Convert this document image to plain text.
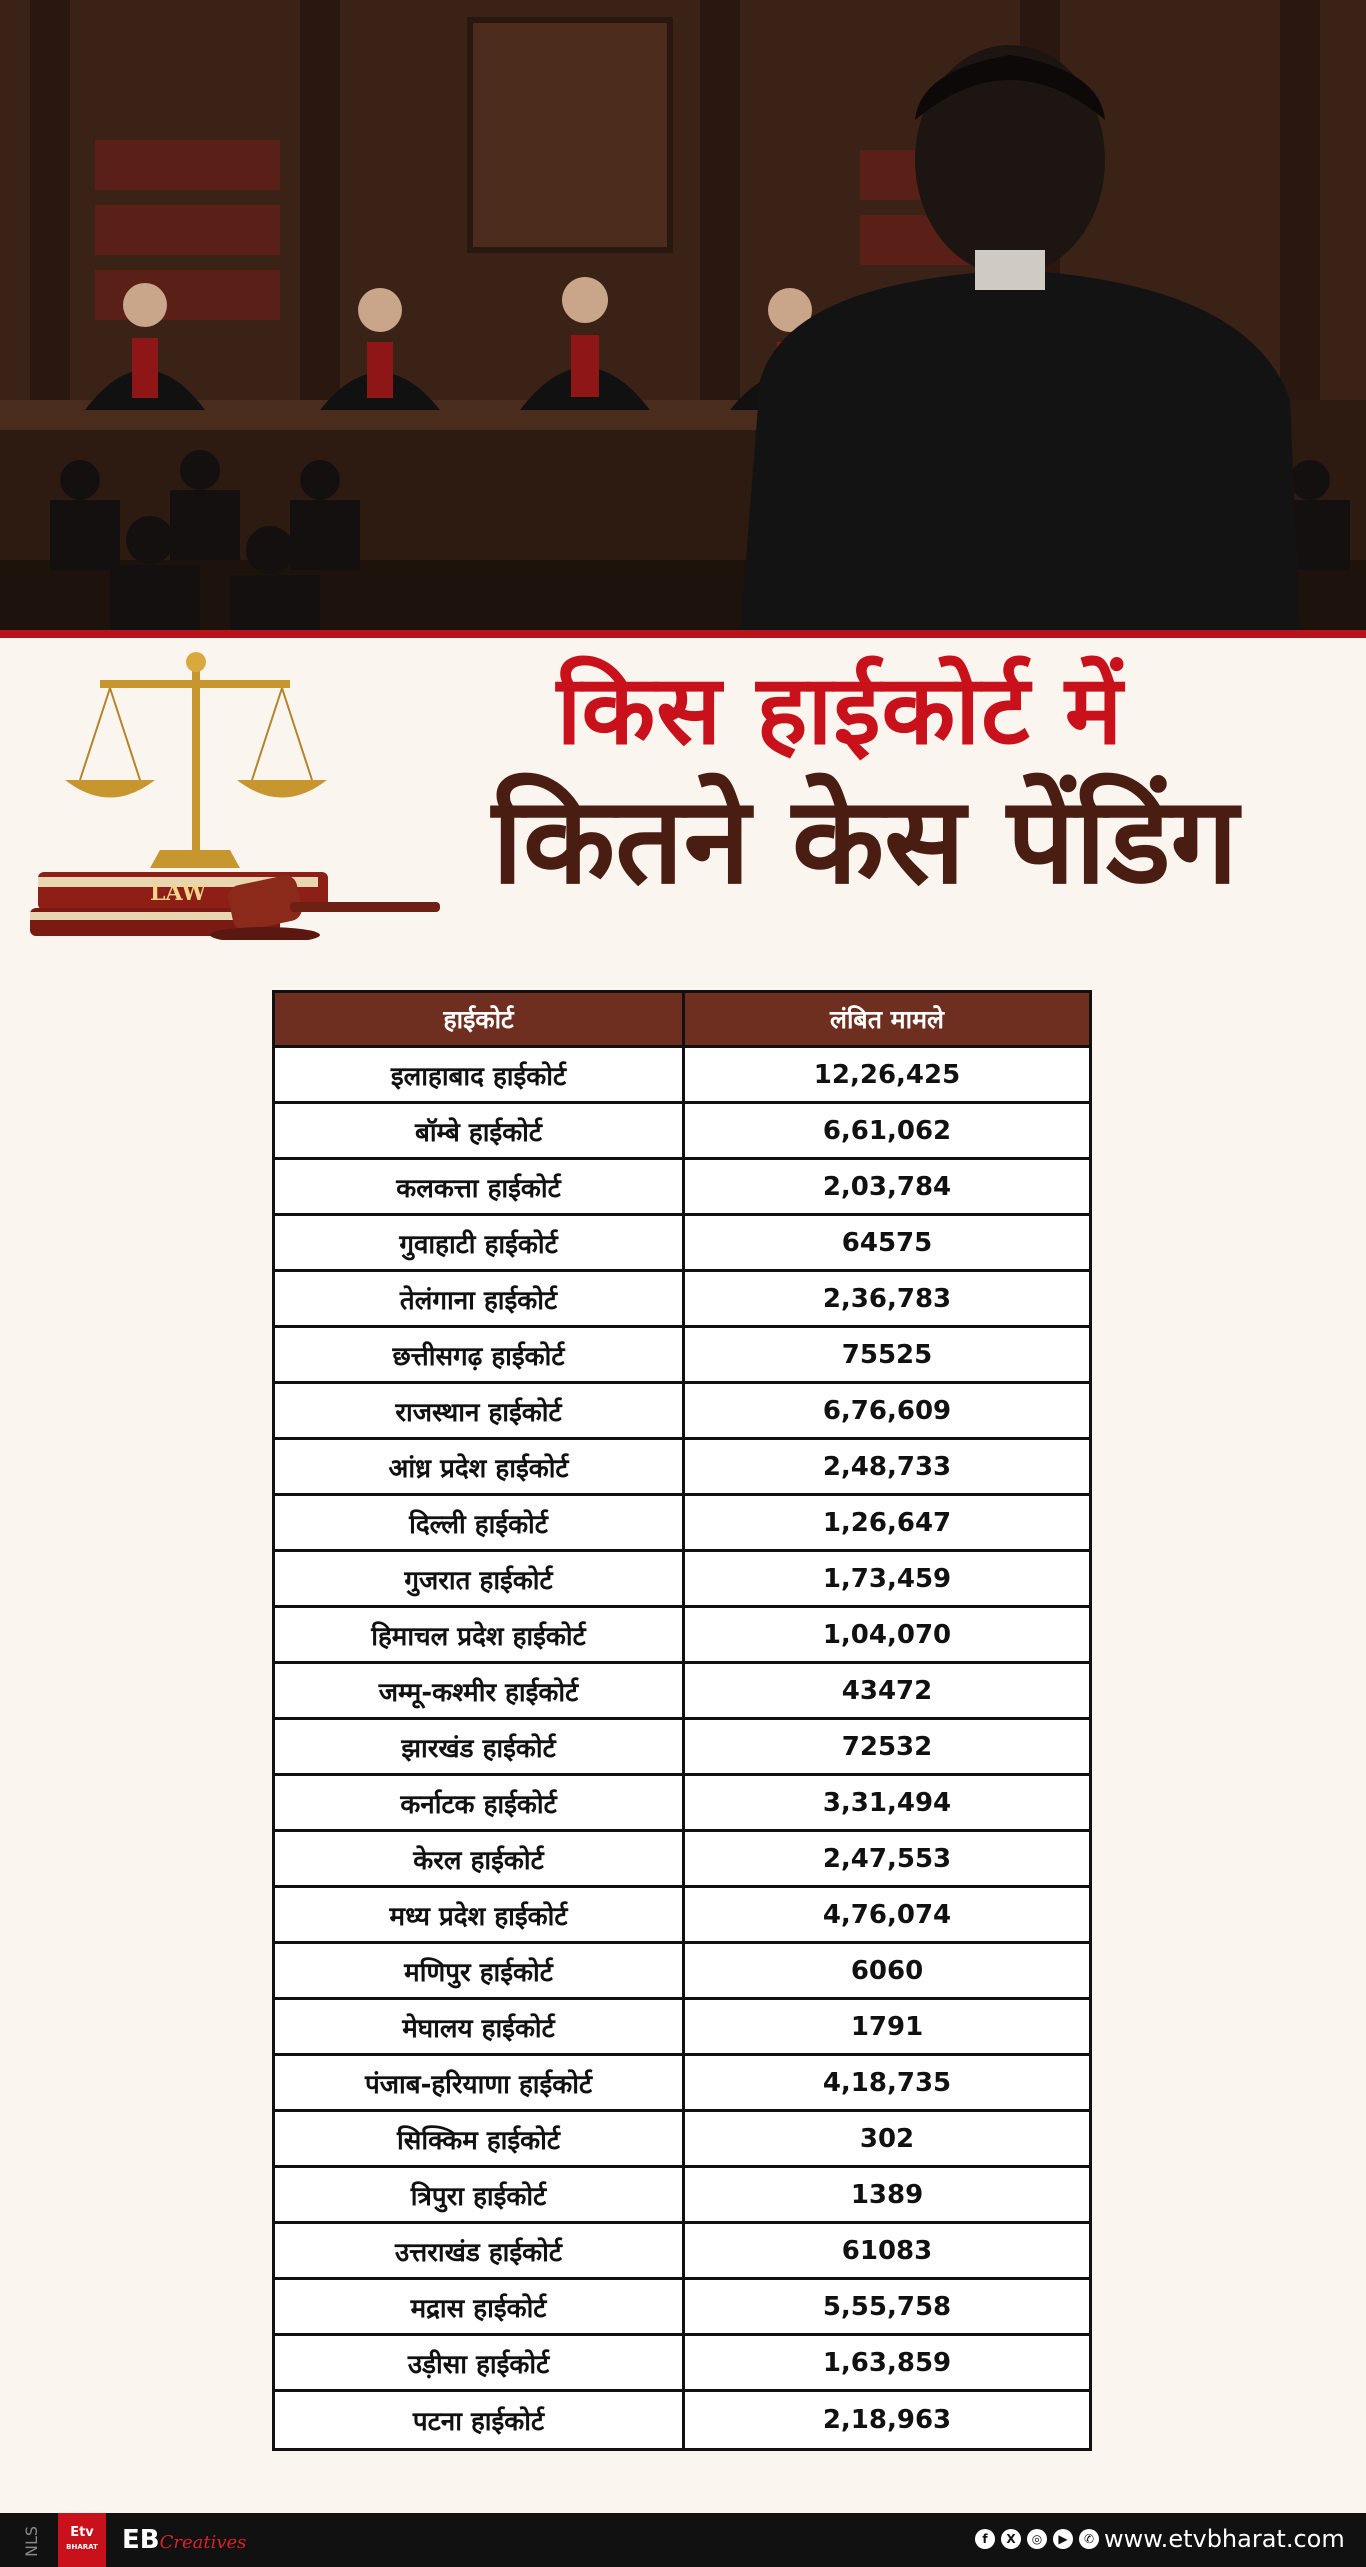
LAW
किस हाईकोर्ट में
कितने केस पेंडिंग
हाईकोर्ट	लंबित मामले
इलाहाबाद हाईकोर्ट	12,26,425
बॉम्बे हाईकोर्ट	6,61,062
कलकत्ता हाईकोर्ट	2,03,784
गुवाहाटी हाईकोर्ट	64575
तेलंगाना हाईकोर्ट	2,36,783
छत्तीसगढ़ हाईकोर्ट	75525
राजस्थान हाईकोर्ट	6,76,609
आंध्र प्रदेश हाईकोर्ट	2,48,733
दिल्ली हाईकोर्ट	1,26,647
गुजरात हाईकोर्ट	1,73,459
हिमाचल प्रदेश हाईकोर्ट	1,04,070
जम्मू-कश्मीर हाईकोर्ट	43472
झारखंड हाईकोर्ट	72532
कर्नाटक हाईकोर्ट	3,31,494
केरल हाईकोर्ट	2,47,553
मध्य प्रदेश हाईकोर्ट	4,76,074
मणिपुर हाईकोर्ट	6060
मेघालय हाईकोर्ट	1791
पंजाब-हरियाणा हाईकोर्ट	4,18,735
सिक्किम हाईकोर्ट	302
त्रिपुरा हाईकोर्ट	1389
उत्तराखंड हाईकोर्ट	61083
मद्रास हाईकोर्ट	5,55,758
उड़ीसा हाईकोर्ट	1,63,859
पटना हाईकोर्ट	2,18,963
NLS Etv
BHARAT EBCreatives	f	X	◎	▶	✆ www.etvbharat.com
